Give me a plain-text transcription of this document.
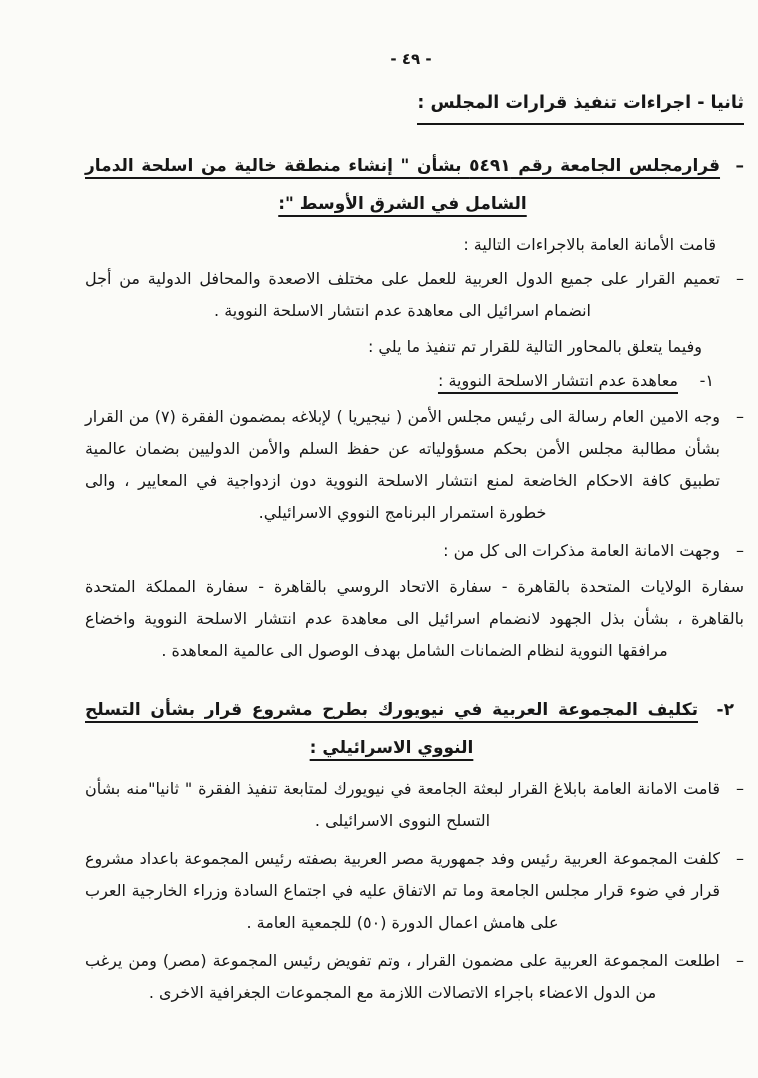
- ٤٩ -
ثانيا - اجراءات تنفيذ قرارات المجلس :
–
قرارمجلس الجامعة رقم ٥٤٩١ بشأن " إنشاء منطقة خالية من اسلحة الدمار الشامل في الشرق الأوسط ":
قامت الأمانة العامة بالاجراءات التالية :
–
تعميم القرار على جميع الدول العربية للعمل على مختلف الاصعدة والمحافل الدولية من أجل انضمام اسرائيل الى معاهدة عدم انتشار الاسلحة النووية .
وفيما يتعلق بالمحاور التالية للقرار تم تنفيذ ما يلي :
١-
معاهدة عدم انتشار الاسلحة النووية :
–
وجه الامين العام رسالة الى رئيس مجلس الأمن ( نيجيريا ) لإبلاغه بمضمون الفقرة (٧) من القرار بشأن مطالبة مجلس الأمن بحكم مسؤولياته عن حفظ السلم والأمن الدوليين بضمان عالمية تطبيق كافة الاحكام الخاضعة لمنع انتشار الاسلحة النووية دون ازدواجية في المعايير ، والى خطورة استمرار البرنامج النووي الاسرائيلي.
–
وجهت الامانة العامة مذكرات الى كل من :
سفارة الولايات المتحدة بالقاهرة - سفارة الاتحاد الروسي بالقاهرة - سفارة المملكة المتحدة بالقاهرة ، بشأن بذل الجهود لانضمام اسرائيل الى معاهدة عدم انتشار الاسلحة النووية واخضاع مرافقها النووية لنظام الضمانات الشامل بهدف الوصول الى عالمية المعاهدة .
٢-
تكليف المجموعة العربية في نيويورك بطرح مشروع قرار بشأن التسلح النووي الاسرائيلي :
–
قامت الامانة العامة بابلاغ القرار لبعثة الجامعة في نيويورك لمتابعة تنفيذ الفقرة " ثانيا"منه بشأن التسلح النووى الاسرائيلى .
–
كلفت المجموعة العربية رئيس وفد جمهورية مصر العربية بصفته رئيس المجموعة باعداد مشروع قرار في ضوء قرار مجلس الجامعة وما تم الاتفاق عليه في اجتماع السادة وزراء الخارجية العرب على هامش اعمال الدورة (٥٠) للجمعية العامة .
–
اطلعت المجموعة العربية على مضمون القرار ، وتم تفويض رئيس المجموعة (مصر) ومن يرغب من الدول الاعضاء باجراء الاتصالات اللازمة مع المجموعات الجغرافية الاخرى .
